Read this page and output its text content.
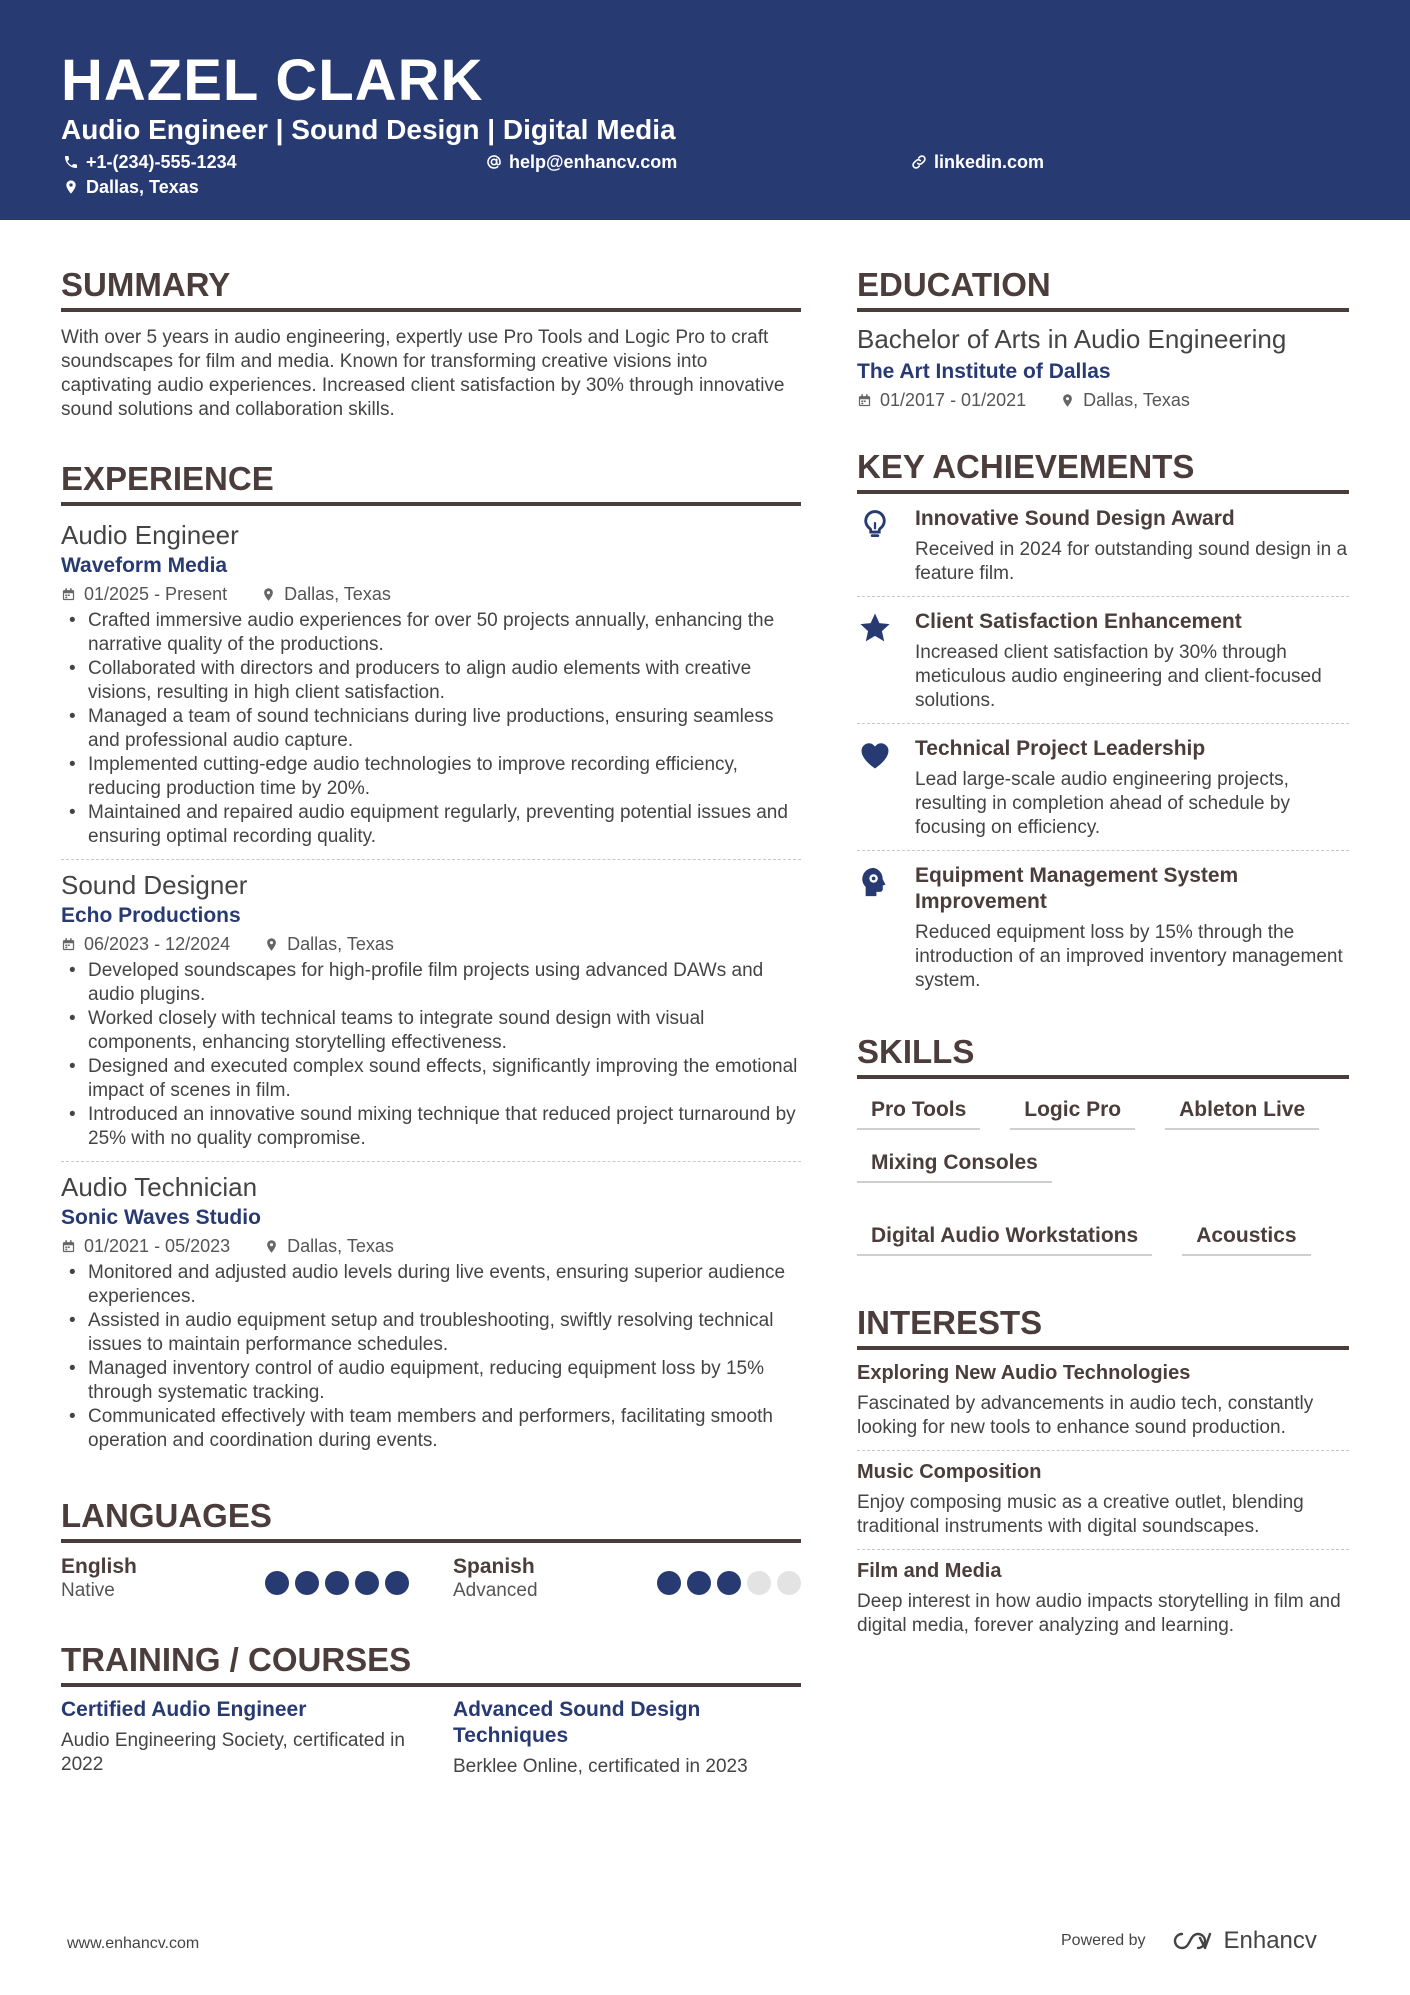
HAZEL CLARK
Audio Engineer | Sound Design | Digital Media
+1-(234)-555-1234	help@enhancv.com	linkedin.com
Dallas, Texas
SUMMARY

With over 5 years in audio engineering, expertly use Pro Tools and Logic Pro to craft soundscapes for film and media. Known for transforming creative visions into captivating audio experiences. Increased client satisfaction by 30% through innovative sound solutions and collaboration skills.

EXPERIENCE
Audio Engineer
Waveform Media
01/2025 - Present	Dallas, Texas
• Crafted immersive audio experiences for over 50 projects annually, enhancing the narrative quality of the productions.
• Collaborated with directors and producers to align audio elements with creative visions, resulting in high client satisfaction.
• Managed a team of sound technicians during live productions, ensuring seamless and professional audio capture.
• Implemented cutting-edge audio technologies to improve recording efficiency, reducing production time by 20%.
• Maintained and repaired audio equipment regularly, preventing potential issues and ensuring optimal recording quality.
Sound Designer
Echo Productions
06/2023 - 12/2024	Dallas, Texas
• Developed soundscapes for high-profile film projects using advanced DAWs and audio plugins.
• Worked closely with technical teams to integrate sound design with visual components, enhancing storytelling effectiveness.
• Designed and executed complex sound effects, significantly improving the emotional impact of scenes in film.
• Introduced an innovative sound mixing technique that reduced project turnaround by 25% with no quality compromise.
Audio Technician
Sonic Waves Studio
01/2021 - 05/2023	Dallas, Texas
• Monitored and adjusted audio levels during live events, ensuring superior audience experiences.
• Assisted in audio equipment setup and troubleshooting, swiftly resolving technical issues to maintain performance schedules.
• Managed inventory control of audio equipment, reducing equipment loss by 15% through systematic tracking.
• Communicated effectively with team members and performers, facilitating smooth operation and coordination during events.
LANGUAGES
English
Native
Spanish
Advanced
TRAINING / COURSES
Certified Audio Engineer
Audio Engineering Society, certificated in 2022
Advanced Sound Design Techniques
Berklee Online, certificated in 2023
EDUCATION
Bachelor of Arts in Audio Engineering
The Art Institute of Dallas
01/2017 - 01/2021	Dallas, Texas
KEY ACHIEVEMENTS
Innovative Sound Design Award
Received in 2024 for outstanding sound design in a feature film.
Client Satisfaction Enhancement
Increased client satisfaction by 30% through meticulous audio engineering and client-focused solutions.
Technical Project Leadership
Lead large-scale audio engineering projects, resulting in completion ahead of schedule by focusing on efficiency.
Equipment Management System Improvement
Reduced equipment loss by 15% through the introduction of an improved inventory management system.
SKILLS
Pro Tools	Logic Pro	Ableton Live
Mixing Consoles
Digital Audio Workstations	Acoustics
INTERESTS
Exploring New Audio Technologies
Fascinated by advancements in audio tech, constantly looking for new tools to enhance sound production.
Music Composition
Enjoy composing music as a creative outlet, blending traditional instruments with digital soundscapes.
Film and Media
Deep interest in how audio impacts storytelling in film and digital media, forever analyzing and learning.
www.enhancv.com	Powered by	Enhancv
